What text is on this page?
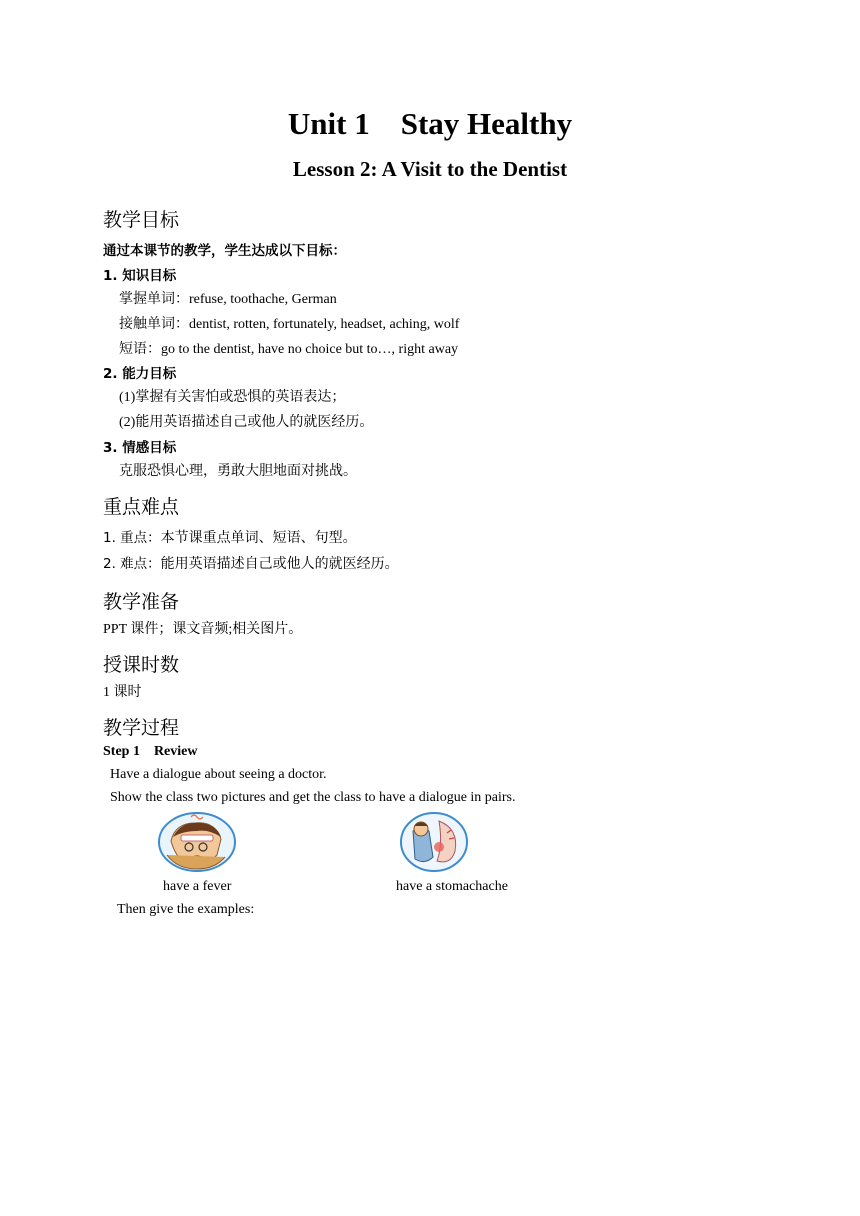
Unit 1    Stay Healthy
Lesson 2: A Visit to the Dentist
教学目标
通过本课节的教学，学生达成以下目标：
1. 知识目标
掌握单词：refuse, toothache, German
接触单词：dentist, rotten, fortunately, headset, aching, wolf
短语：go to the dentist, have no choice but to…, right away
2. 能力目标
(1)掌握有关害怕或恐惧的英语表达；
(2)能用英语描述自己或他人的就医经历。
3. 情感目标
克服恐惧心理，勇敢大胆地面对挑战。
重点难点
1. 重点：本节课重点单词、短语、句型。
2. 难点：能用英语描述自己或他人的就医经历。
教学准备
PPT 课件；课文音频;相关图片。
授课时数
1 课时
教学过程
Step 1    Review
Have a dialogue about seeing a doctor.
Show the class two pictures and get the class to have a dialogue in pairs.
have a fever	have a stomachache
Then give the examples:
